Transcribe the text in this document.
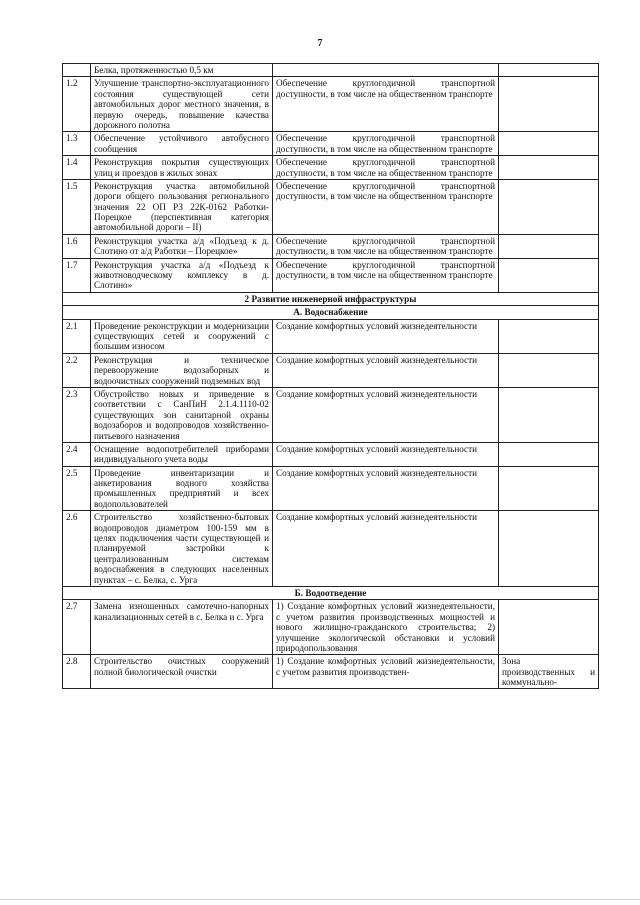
7
	Белка, протяженностью 0,5 км		
1.2	Улучшение транспортно-эксплуатационного состояния существующей сети автомобильных дорог местного значения, в первую очередь, повышение качества дорожного полотна	Обеспечение круглогодичной транспортной доступности, в том числе на общественном транспорте	
1.3	Обеспечение устойчивого автобусного сообщения	Обеспечение круглогодичной транспортной доступности, в том числе на общественном транспорте	
1.4	Реконструкция покрытия существующих улиц и проездов в жилых зонах	Обеспечение круглогодичной транспортной доступности, в том числе на общественном транспорте	
1.5	Реконструкция участка автомобильной дороги общего пользования регионального значения 22 ОП РЗ 22К-0162 Работки-Порецкое (перспективная категория автомобильной дороги – II)	Обеспечение круглогодичной транспортной доступности, в том числе на общественном транспорте	
1.6	Реконструкция участка а/д «Подъезд к д. Слотино от а/д Работки – Порецкое»	Обеспечение круглогодичной транспортной доступности, в том числе на общественном транспорте	
1.7	Реконструкция участка а/д «Подъезд к животноводческому комплексу в д. Слотино»	Обеспечение круглогодичной транспортной доступности, в том числе на общественном транспорте	
2 Развитие инженерной инфраструктуры			
А. Водоснабжение			
2.1	Проведение реконструкции и модернизации существующих сетей и сооружений с большим износом	Создание комфортных условий жизнедеятельности	
2.2	Реконструкция и техническое перевооружение водозаборных и водоочистных сооружений подземных вод	Создание комфортных условий жизнедеятельности	
2.3	Обустройство новых и приведение в соответствии с СанПиН 2.1.4.1110-02 существующих зон санитарной охраны водозаборов и водопроводов хозяйственно-питьевого назначения	Создание комфортных условий жизнедеятельности	
2.4	Оснащение водопотребителей приборами индивидуального учета воды	Создание комфортных условий жизнедеятельности	
2.5	Проведение инвентаризации и анкетирования водного хозяйства промышленных предприятий и всех водопользователей	Создание комфортных условий жизнедеятельности	
2.6	Строительство хозяйственно-бытовых водопроводов диаметром 100-159 мм в целях подключения части существующей и планируемой застройки к централизованным системам водоснабжения в следующих населенных пунктах – с. Белка, с. Урга	Создание комфортных условий жизнедеятельности	
Б. Водоотведение			
2.7	Замена изношенных самотечно-напорных канализационных сетей в с. Белка и с. Урга	1) Создание комфортных условий жизнедеятельности, с учетом развития производственных мощностей и нового жилищно-гражданского строительства; 2) улучшение экологической обстановки и условий природопользования	
2.8	Строительство очистных сооружений полной биологической очистки	1) Создание комфортных условий жизнедеятельности, с учетом развития производствен-	Зона производственных и коммунально-
